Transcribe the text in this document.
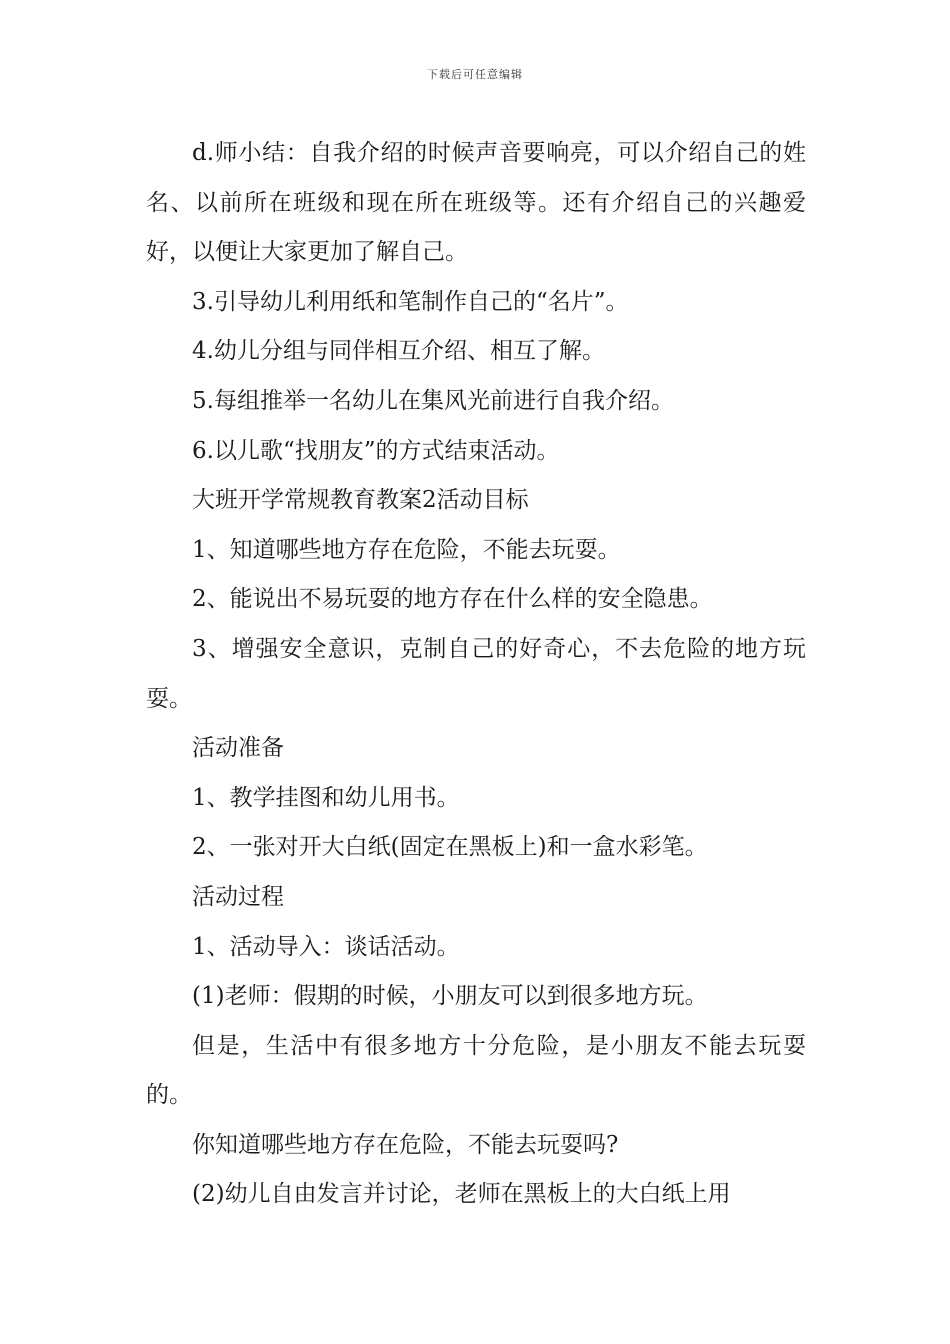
下载后可任意编辑

d.师小结：自我介绍的时候声音要响亮，可以介绍自己的姓名、以前所在班级和现在所在班级等。还有介绍自己的兴趣爱好，以便让大家更加了解自己。

3.引导幼儿利用纸和笔制作自己的“名片”。

4.幼儿分组与同伴相互介绍、相互了解。

5.每组推举一名幼儿在集风光前进行自我介绍。

6.以儿歌“找朋友”的方式结束活动。

大班开学常规教育教案2活动目标

1、知道哪些地方存在危险，不能去玩耍。

2、能说出不易玩耍的地方存在什么样的安全隐患。

3、增强安全意识，克制自己的好奇心，不去危险的地方玩耍。

活动准备

1、教学挂图和幼儿用书。

2、一张对开大白纸(固定在黑板上)和一盒水彩笔。

活动过程

1、活动导入：谈话活动。

(1)老师：假期的时候，小朋友可以到很多地方玩。

但是，生活中有很多地方十分危险，是小朋友不能去玩耍的。

你知道哪些地方存在危险，不能去玩耍吗?

(2)幼儿自由发言并讨论，老师在黑板上的大白纸上用
